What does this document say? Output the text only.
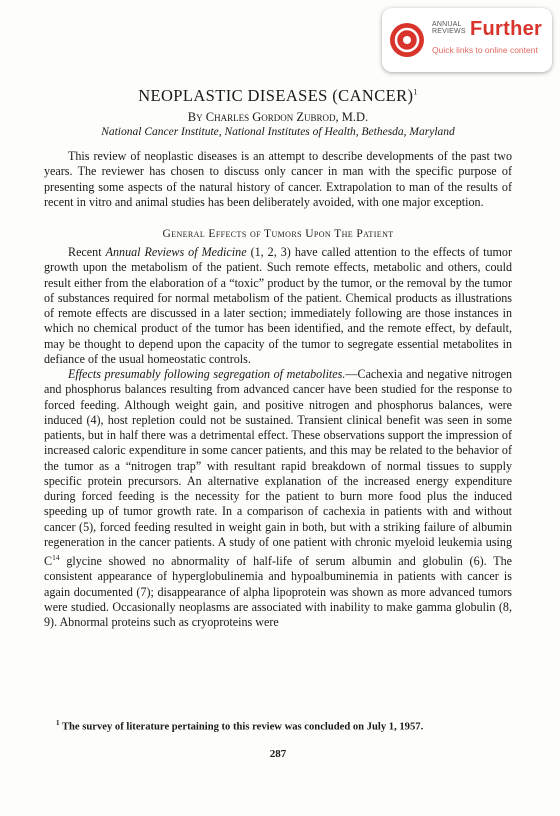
ANNUAL
REVIEWS Further
Quick links to online content
NEOPLASTIC DISEASES (CANCER)$^1$
By Charles Gordon Zubrod, M.D.
National Cancer Institute, National Institutes of Health, Bethesda, Maryland

This review of neoplastic diseases is an attempt to describe developments of the past two years. The reviewer has chosen to discuss only cancer in man with the specific purpose of presenting some aspects of the natural history of cancer. Extrapolation to man of the results of recent in vitro and animal studies has been deliberately avoided, with one major exception.

General Effects of Tumors Upon The Patient

Recent Annual Reviews of Medicine (1, 2, 3) have called attention to the effects of tumor growth upon the metabolism of the patient. Such remote effects, metabolic and others, could result either from the elaboration of a “toxic” product by the tumor, or the removal by the tumor of substances required for normal metabolism of the patient. Chemical products as illustrations of remote effects are discussed in a later section; immediately following are those instances in which no chemical product of the tumor has been identified, and the remote effect, by default, may be thought to depend upon the capacity of the tumor to segregate essential metabolites in defiance of the usual homeostatic controls.

Effects presumably following segregation of metabolites.—Cachexia and negative nitrogen and phosphorus balances resulting from advanced cancer have been studied for the response to forced feeding. Although weight gain, and positive nitrogen and phosphorus balances, were induced (4), host repletion could not be sustained. Transient clinical benefit was seen in some patients, but in half there was a detrimental effect. These observations support the impression of increased caloric expenditure in some cancer patients, and this may be related to the behavior of the tumor as a “nitrogen trap” with resultant rapid breakdown of normal tissues to supply specific protein precursors. An alternative explanation of the increased energy expenditure during forced feeding is the necessity for the patient to burn more food plus the induced speeding up of tumor growth rate. In a comparison of cachexia in patients with and without cancer (5), forced feeding resulted in weight gain in both, but with a striking failure of albumin regeneration in the cancer patients. A study of one patient with chronic myeloid leukemia using $C^{14}$ glycine showed no abnormality of half-life of serum albumin and globulin (6). The consistent appearance of hyperglobulinemia and hypoalbuminemia in patients with cancer is again documented (7); disappearance of alpha lipoprotein was shown as more advanced tumors were studied. Occasionally neoplasms are associated with inability to make gamma globulin (8, 9). Abnormal proteins such as cryoproteins were

$^1$ The survey of literature pertaining to this review was concluded on July 1, 1957.
287
